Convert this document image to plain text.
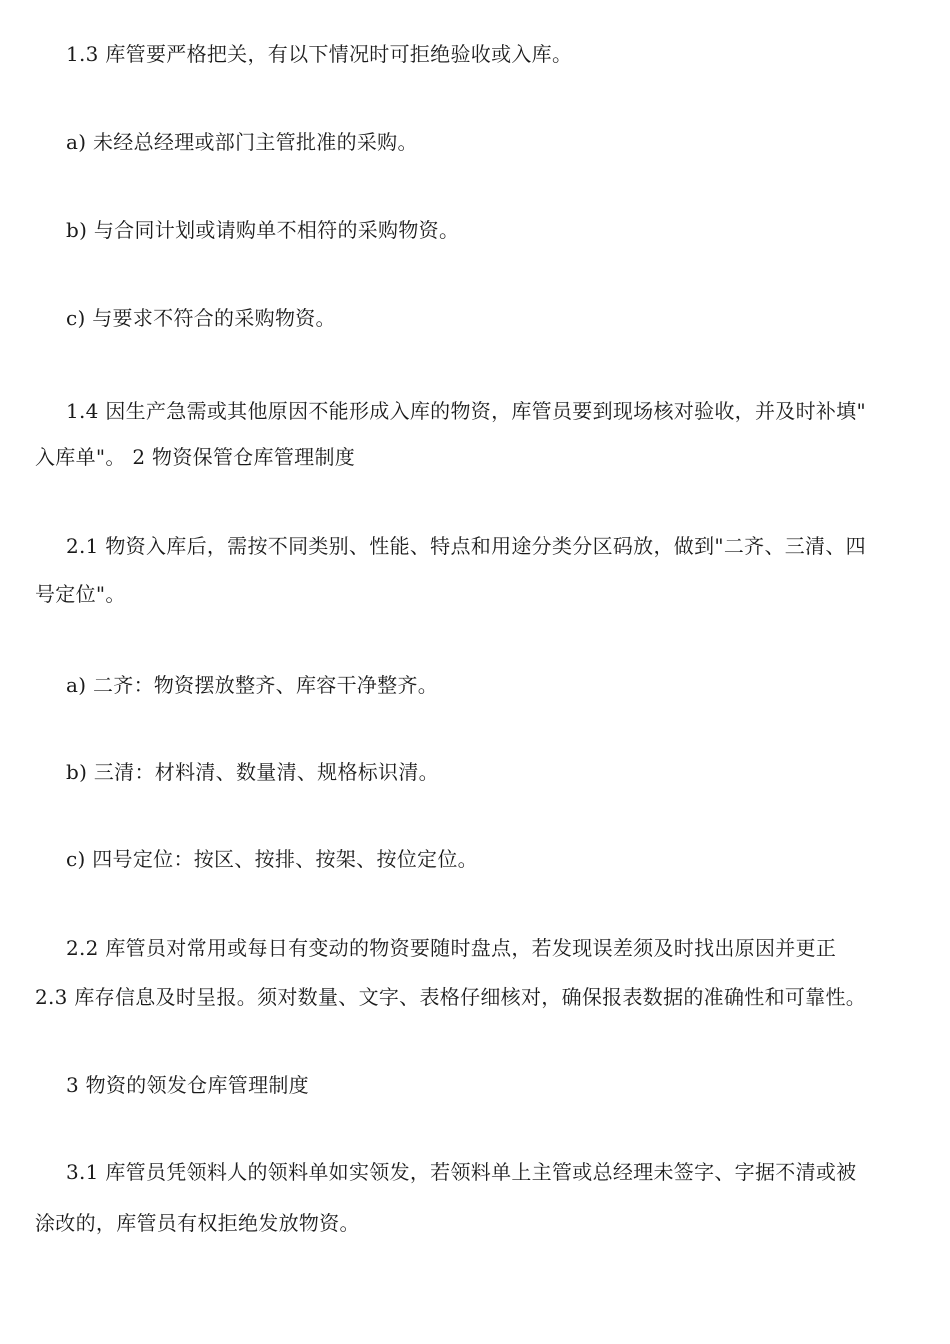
1.3 库管要严格把关，有以下情况时可拒绝验收或入库。
a) 未经总经理或部门主管批准的采购。
b) 与合同计划或请购单不相符的采购物资。
c) 与要求不符合的采购物资。
1.4 因生产急需或其他原因不能形成入库的物资，库管员要到现场核对验收，并及时补填"
入库单"。 2 物资保管仓库管理制度
2.1 物资入库后，需按不同类别、性能、特点和用途分类分区码放，做到"二齐、三清、四
号定位"。
a) 二齐：物资摆放整齐、库容干净整齐。
b) 三清：材料清、数量清、规格标识清。
c) 四号定位：按区、按排、按架、按位定位。
2.2 库管员对常用或每日有变动的物资要随时盘点，若发现误差须及时找出原因并更正
2.3 库存信息及时呈报。须对数量、文字、表格仔细核对，确保报表数据的准确性和可靠性。
3 物资的领发仓库管理制度
3.1 库管员凭领料人的领料单如实领发，若领料单上主管或总经理未签字、字据不清或被
涂改的，库管员有权拒绝发放物资。
